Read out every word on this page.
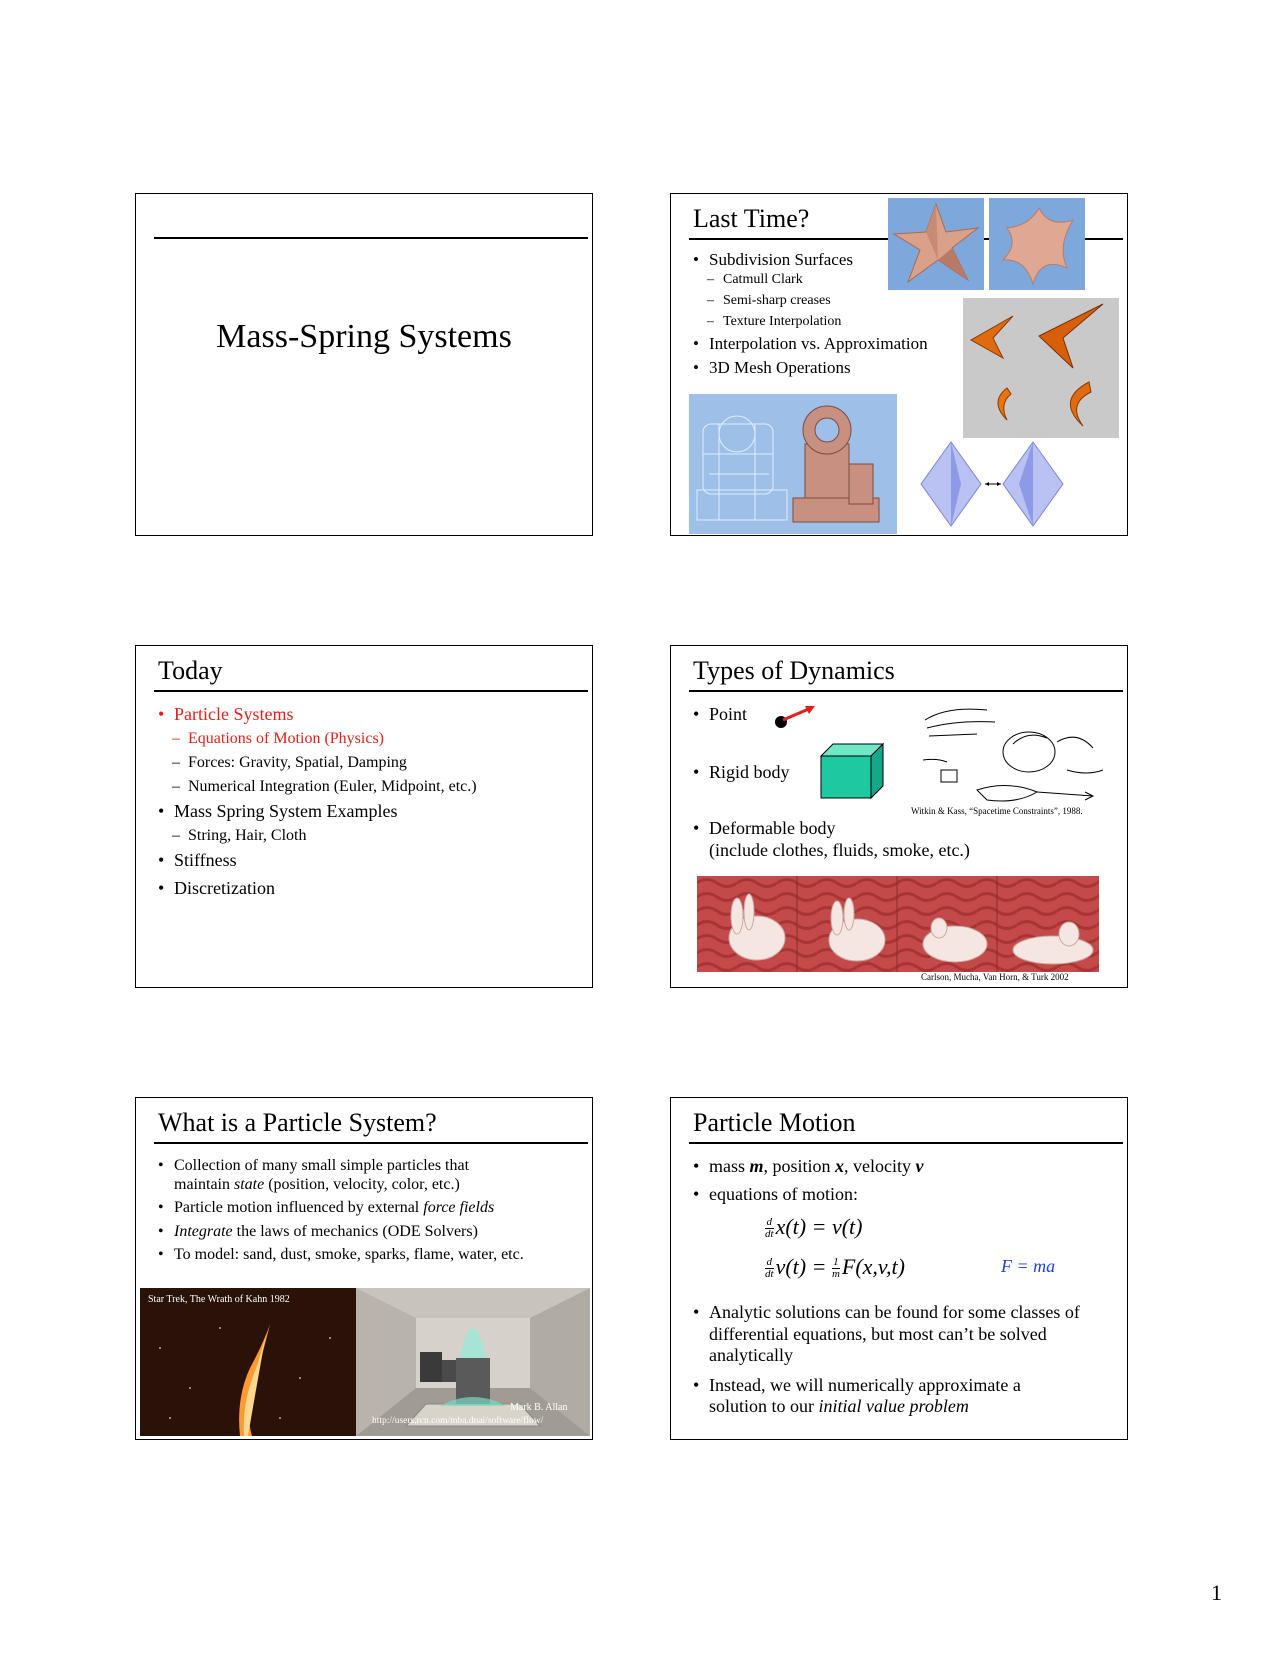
Mass-Spring Systems
Last Time?
• Subdivision Surfaces
– Catmull Clark
– Semi-sharp creases
– Texture Interpolation
• Interpolation vs. Approximation
• 3D Mesh Operations
Today
• Particle Systems
– Equations of Motion (Physics)
– Forces: Gravity, Spatial, Damping
– Numerical Integration (Euler, Midpoint, etc.)
• Mass Spring System Examples
– String, Hair, Cloth
• Stiffness
• Discretization
Types of Dynamics
• Point
• Rigid body
Witkin & Kass, “Spacetime Constraints”, 1988.
• Deformable body
(include clothes, fluids, smoke, etc.)
Carlson, Mucha, Van Horn, & Turk 2002
What is a Particle System?
• Collection of many small simple particles that
maintain state (position, velocity, color, etc.)
• Particle motion influenced by external force fields
• Integrate the laws of mechanics (ODE Solvers)
• To model: sand, dust, smoke, sparks, flame, water, etc.
Star Trek, The Wrath of Kahn 1982
Mark B. Allan
http://users.rcn.com/mba.dnai/software/flow/
Particle Motion
• mass m, position x, velocity v
• equations of motion:
$\frac{d}{dt} x(t) = v(t)$
$\frac{d}{dt} v(t) = \frac{1}{m} F(x,v,t)$	F = ma
• Analytic solutions can be found for some classes of differential equations, but most can’t be solved analytically
• Instead, we will numerically approximate a solution to our initial value problem
1
